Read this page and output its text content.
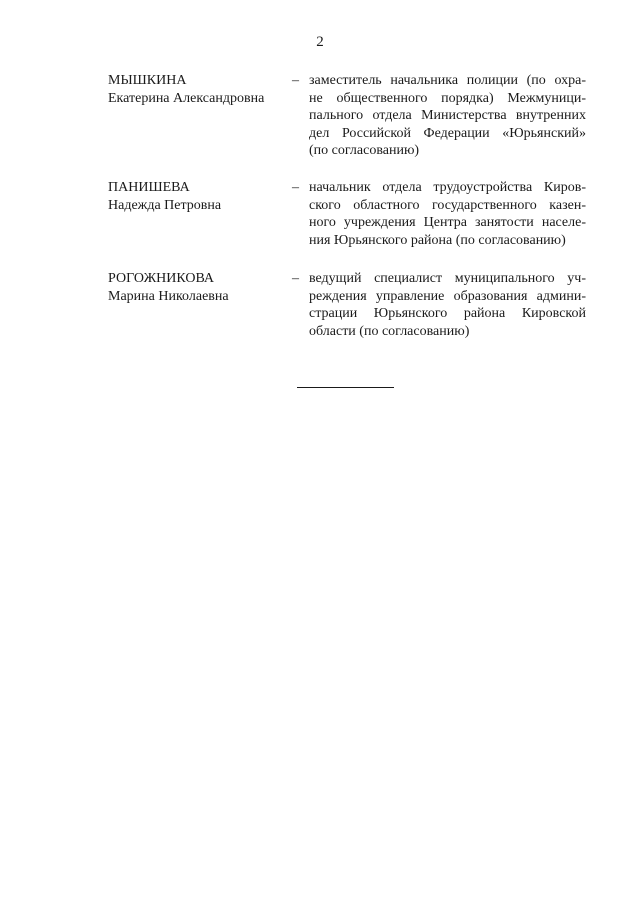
2
МЫШКИНА
Екатерина Александровна
– заместитель начальника полиции (по охра-
не общественного порядка) Межмуници-
пального отдела Министерства внутренних
дел Российской Федерации «Юрьянский»
(по согласованию)
ПАНИШЕВА
Надежда Петровна
– начальник отдела трудоустройства Киров-
ского областного государственного казен-
ного учреждения Центра занятости населе-
ния Юрьянского района (по согласованию)
РОГОЖНИКОВА
Марина Николаевна
– ведущий специалист муниципального уч-
реждения управление образования админи-
страции Юрьянского района Кировской
области (по согласованию)
